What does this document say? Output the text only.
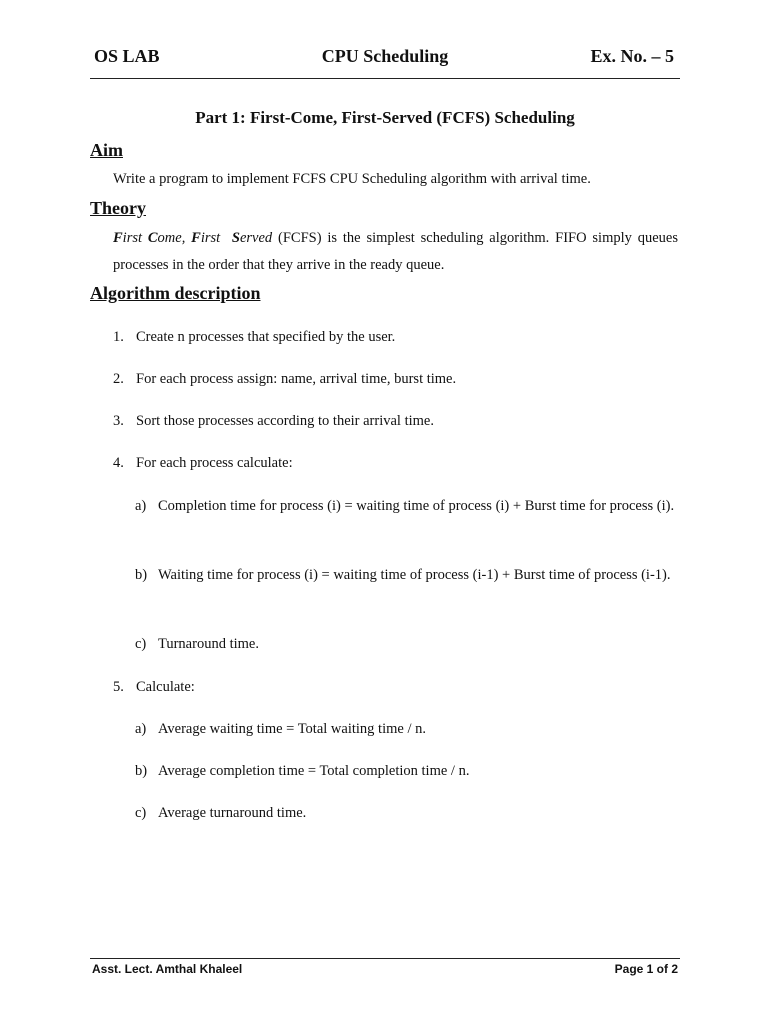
OS LAB	CPU Scheduling	Ex. No. – 5
Part 1: First-Come, First-Served (FCFS) Scheduling
Aim
Write a program to implement FCFS CPU Scheduling algorithm with arrival time.
Theory
First Come, First  Served (FCFS) is the simplest scheduling algorithm. FIFO simply queues processes in the order that they arrive in the ready queue.
Algorithm description
1. Create n processes that specified by the user.
2. For each process assign: name, arrival time, burst time.
3. Sort those processes according to their arrival time.
4. For each process calculate:
a) Completion time for process (i) = waiting time of process (i) + Burst time for process (i).
b) Waiting time for process (i) = waiting time of process (i-1) + Burst time of process (i-1).
c) Turnaround time.
5. Calculate:
a) Average waiting time = Total waiting time / n.
b) Average completion time = Total completion time / n.
c) Average turnaround time.
Asst. Lect. Amthal Khaleel	Page 1 of 2
